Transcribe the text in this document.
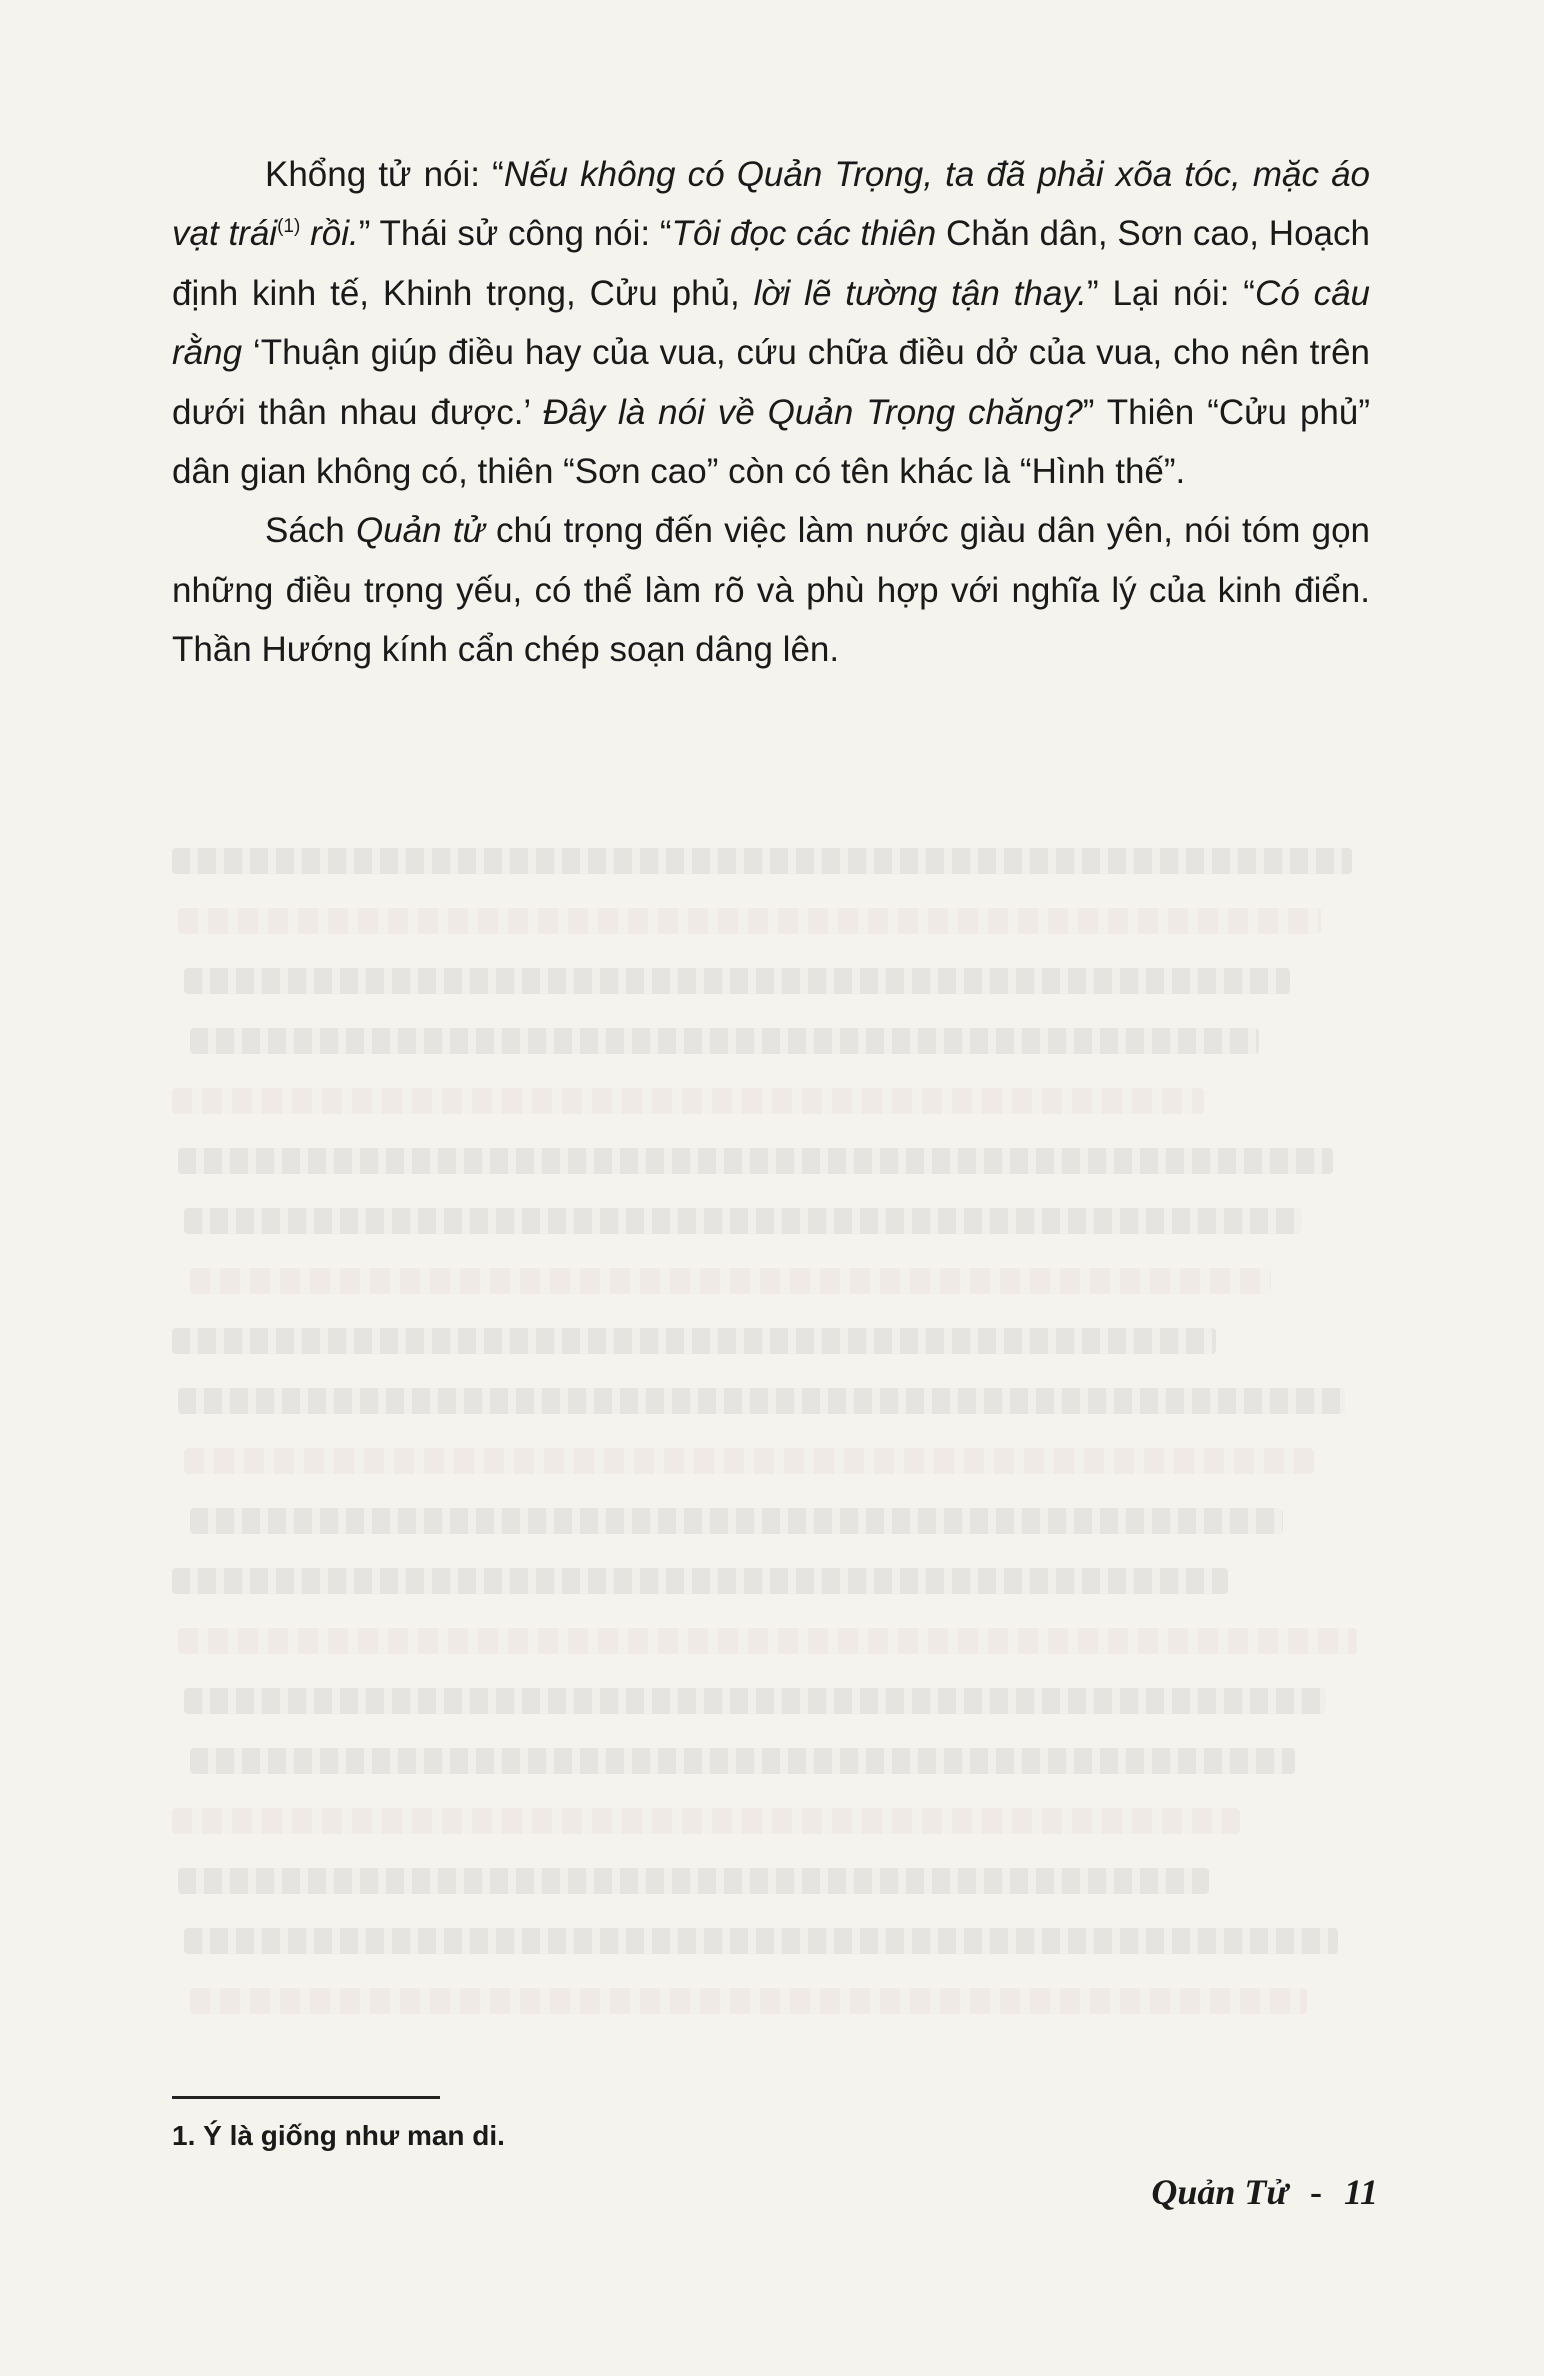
Khổng tử nói: “Nếu không có Quản Trọng, ta đã phải xõa tóc, mặc áo vạt trái$^{(1)}$ rồi.” Thái sử công nói: “Tôi đọc các thiên Chăn dân, Sơn cao, Hoạch định kinh tế, Khinh trọng, Cửu phủ, lời lẽ tường tận thay.” Lại nói: “Có câu rằng ‘Thuận giúp điều hay của vua, cứu chữa điều dở của vua, cho nên trên dưới thân nhau được.’ Đây là nói về Quản Trọng chăng?” Thiên “Cửu phủ” dân gian không có, thiên “Sơn cao” còn có tên khác là “Hình thế”.

Sách Quản tử chú trọng đến việc làm nước giàu dân yên, nói tóm gọn những điều trọng yếu, có thể làm rõ và phù hợp với nghĩa lý của kinh điển. Thần Hướng kính cẩn chép soạn dâng lên.

1. Ý là giống như man di.
Quản Tử - 11
